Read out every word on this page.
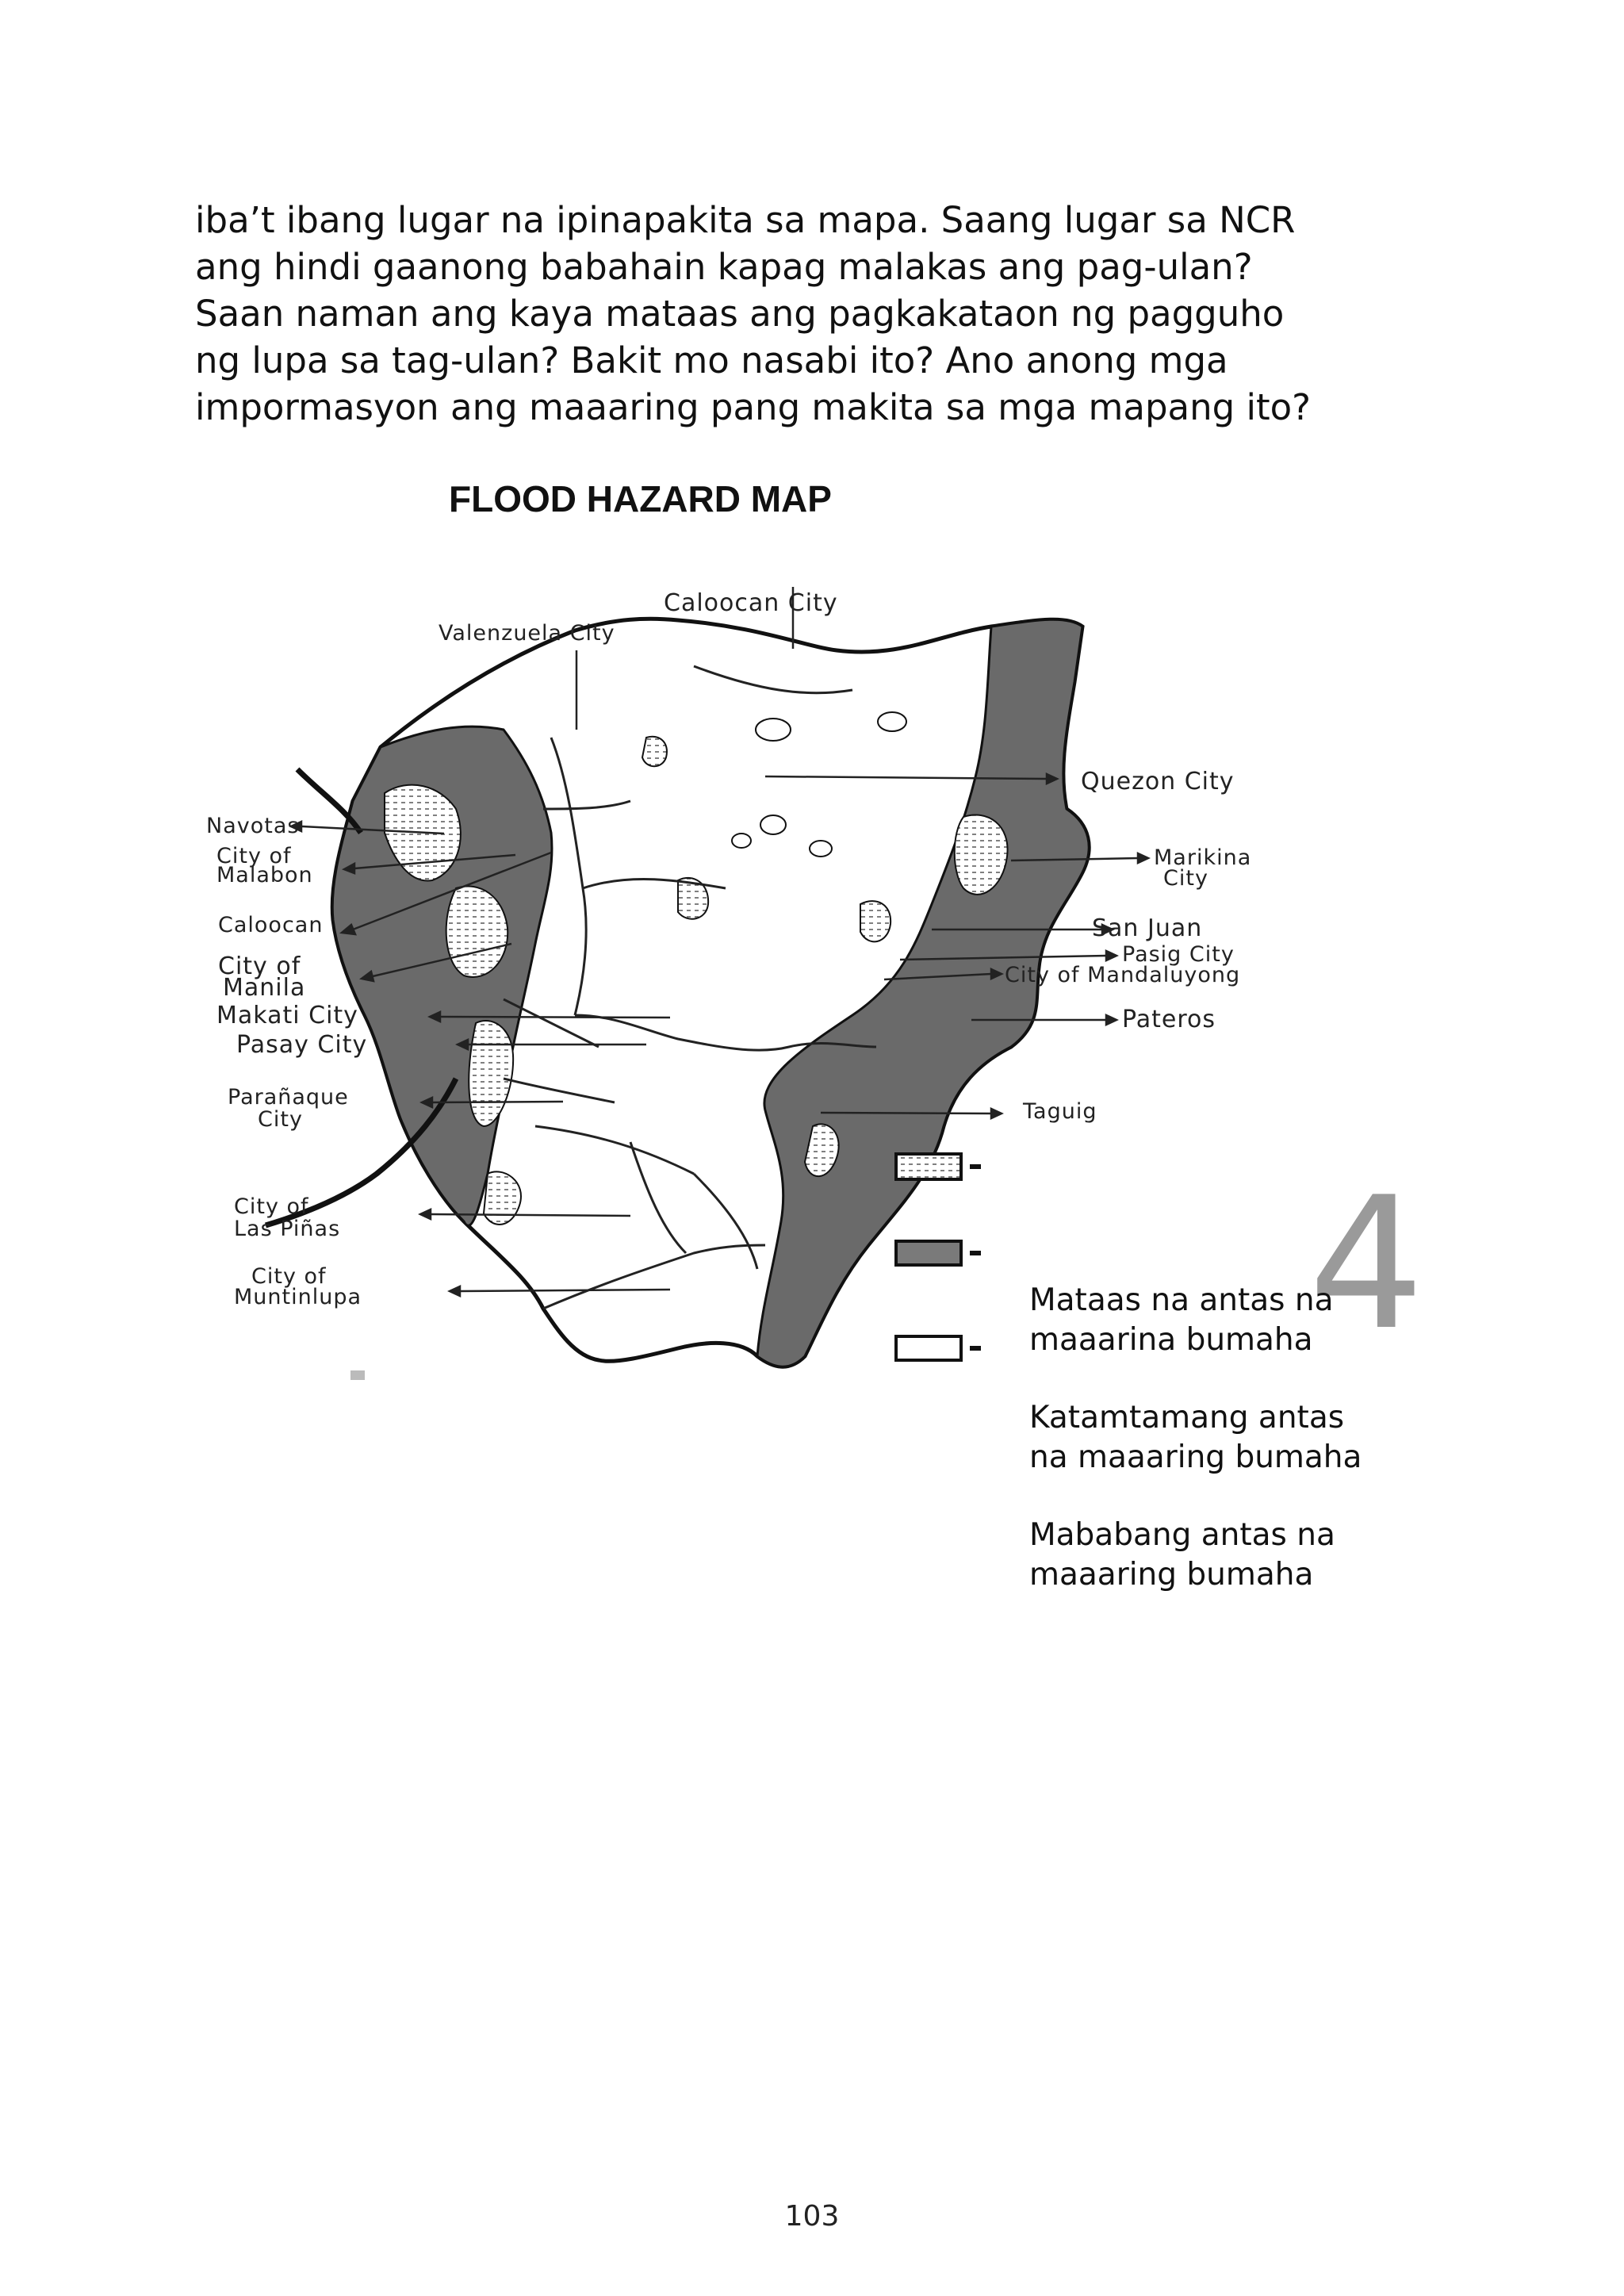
iba’t ibang lugar na ipinapakita sa mapa. Saang lugar sa NCR
ang hindi gaanong babahain kapag malakas ang pag-ulan?
Saan naman ang kaya mataas ang pagkakataon ng pagguho
ng lupa sa tag-ulan? Bakit mo nasabi ito? Ano anong mga
impormasyon ang maaaring pang makita sa mga mapang ito?
FLOOD HAZARD MAP
Caloocan City
Valenzuela City
Quezon City
Navotas
City of
Malabon
Caloocan
City of
Manila
Makati City
Pasay City
Parañaque
City
City of
Las Piñas
City of
Muntinlupa
Marikina
City
San Juan
Pasig City
City of Mandaluyong
Pateros
Taguig
4
Mataas na antas na
maaarina bumaha
Katamtamang antas
na maaaring bumaha
Mababang antas na
maaaring bumaha
103
